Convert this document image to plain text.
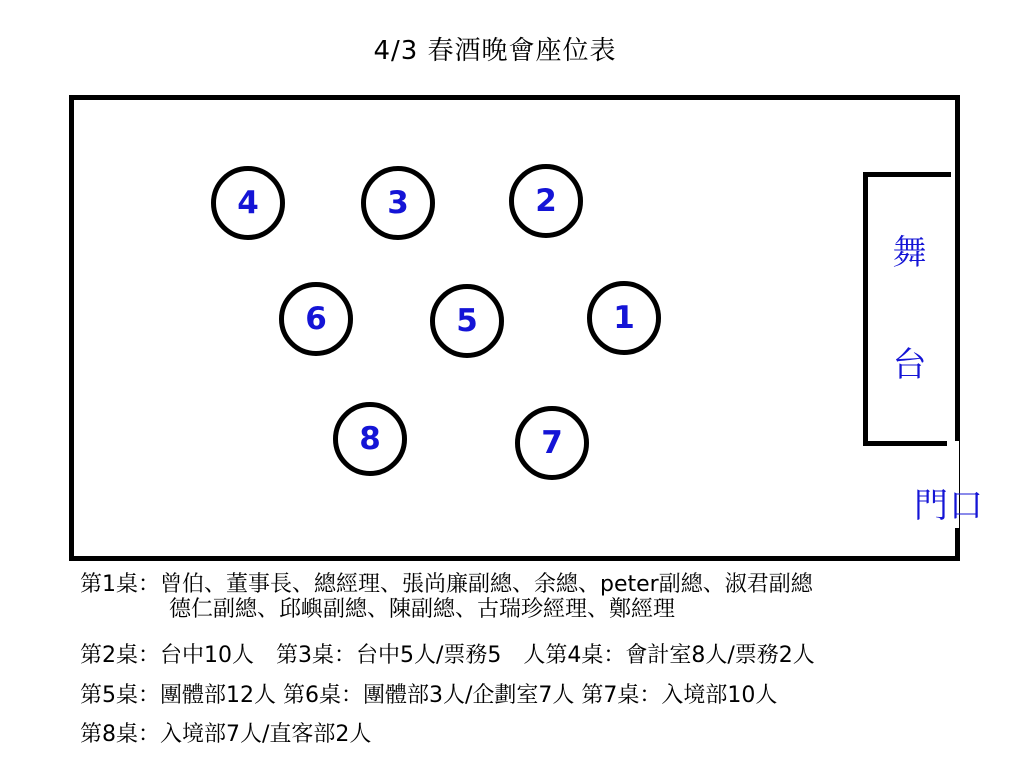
4/3 春酒晚會座位表
舞
台
門口
4	3	2
6	5	1
8	7
第1桌：曾伯、董事長、總經理、張尚廉副總、余總、peter副總、淑君副總
德仁副總、邱嶼副總、陳副總、古瑞珍經理、鄭經理
第2桌：台中10人　第3桌：台中5人/票務5　人第4桌：會計室8人/票務2人
第5桌：團體部12人 第6桌：團體部3人/企劃室7人 第7桌：入境部10人
第8桌：入境部7人/直客部2人
